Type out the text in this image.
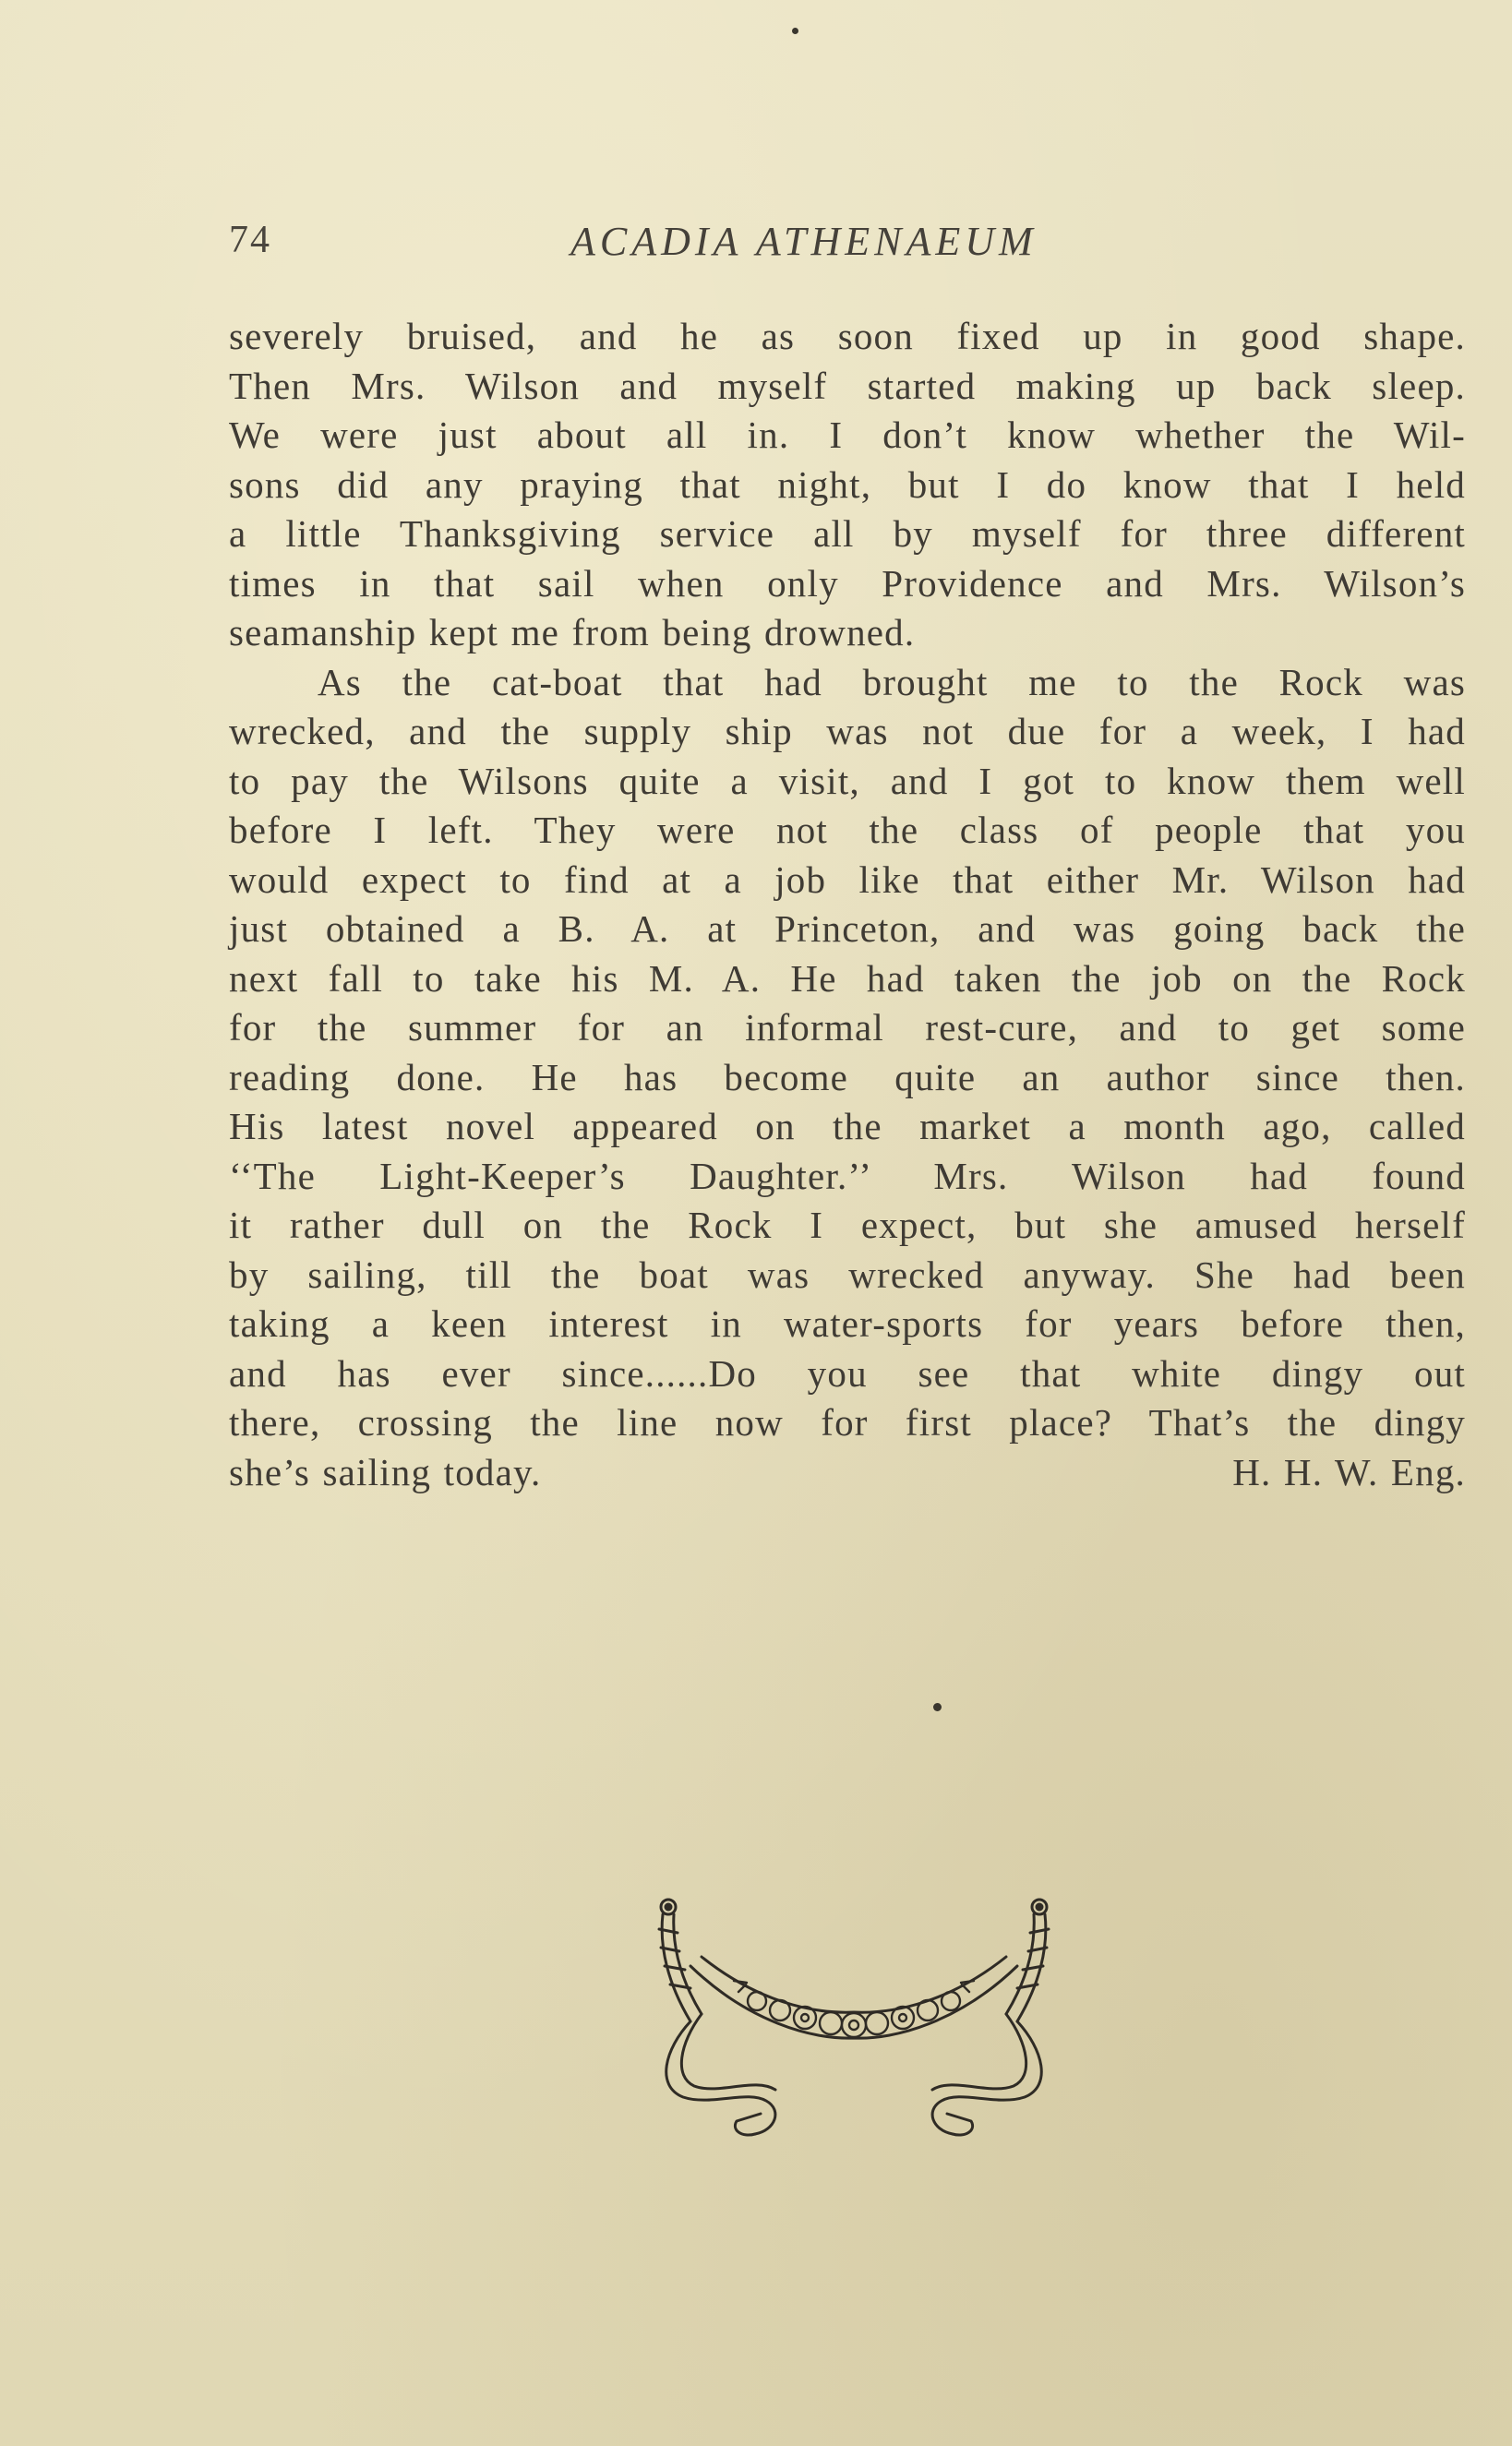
74	ACADIA ATHENAEUM
severely bruised, and he as soon fixed up in good shape.
Then Mrs. Wilson and myself started making up back sleep.
We were just about all in. I don’t know whether the Wil-
sons did any praying that night, but I do know that I held
a little Thanksgiving service all by myself for three different
times in that sail when only Providence and Mrs. Wilson’s
seamanship kept me from being drowned.
As the cat-boat that had brought me to the Rock was
wrecked, and the supply ship was not due for a week, I had
to pay the Wilsons quite a visit, and I got to know them well
before I left. They were not the class of people that you
would expect to find at a job like that either Mr. Wilson had
just obtained a B. A. at Princeton, and was going back the
next fall to take his M. A. He had taken the job on the Rock
for the summer for an informal rest-cure, and to get some
reading done. He has become quite an author since then.
His latest novel appeared on the market a month ago, called
‘‘The Light-Keeper’s Daughter.’’ Mrs. Wilson had found
it rather dull on the Rock I expect, but she amused herself
by sailing, till the boat was wrecked anyway. She had been
taking a keen interest in water-sports for years before then,
and has ever since......Do you see that white dingy out
there, crossing the line now for first place? That’s the dingy
she’s sailing today.	H. H. W. Eng.
